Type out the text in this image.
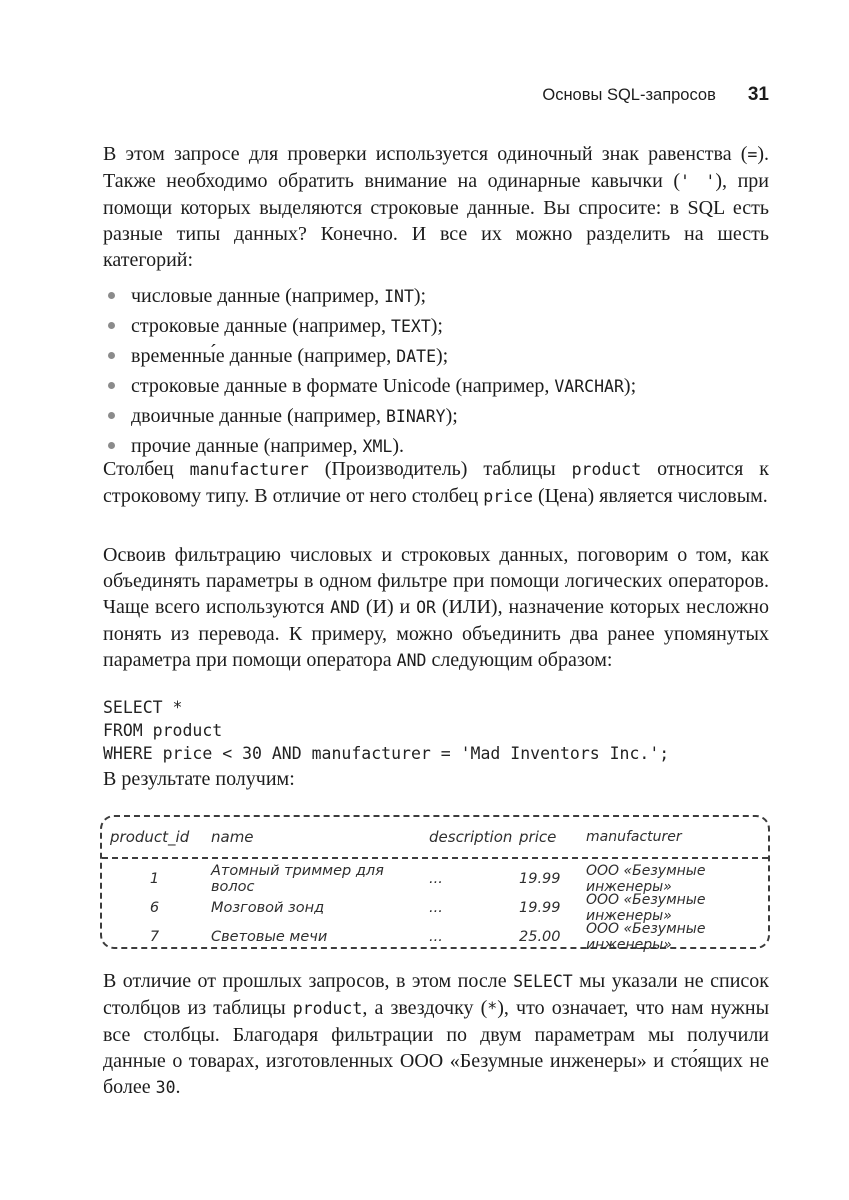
Основы SQL-запросов 31

В этом запросе для проверки используется одиночный знак равенства (=). Также необходимо обратить внимание на одинарные кавычки (' '), при помощи которых выделяются строковые данные. Вы спросите: в SQL есть разные типы данных? Конечно. И все их можно разделить на шесть категорий:

числовые данные (например, INT);
строковые данные (например, TEXT);
временны́е данные (например, DATE);
строковые данные в формате Unicode (например, VARCHAR);
двоичные данные (например, BINARY);
прочие данные (например, XML).

Столбец manufacturer (Производитель) таблицы product относится к строковому типу. В отличие от него столбец price (Цена) является числовым.

Освоив фильтрацию числовых и строковых данных, поговорим о том, как объединять параметры в одном фильтре при помощи логических операторов. Чаще всего используются AND (И) и OR (ИЛИ), назначение которых несложно понять из перевода. К примеру, можно объединить два ранее упомянутых параметра при помощи оператора AND следующим образом:

SELECT *
FROM product
WHERE price < 30 AND manufacturer = 'Mad Inventors Inc.';

В результате получим:

product_id	name	description price	manufacturer
1	Атомный триммер для волос	...	19.99	ООО «Безумные инженеры»
6	Мозговой зонд	...	19.99	ООО «Безумные инженеры»
7	Световые мечи	...	25.00	ООО «Безумные инженеры»

В отличие от прошлых запросов, в этом после SELECT мы указали не список столбцов из таблицы product, а звездочку (*), что означает, что нам нужны все столбцы. Благодаря фильтрации по двум параметрам мы получили данные о товарах, изготовленных ООО «Безумные инженеры» и сто́ящих не более 30.
